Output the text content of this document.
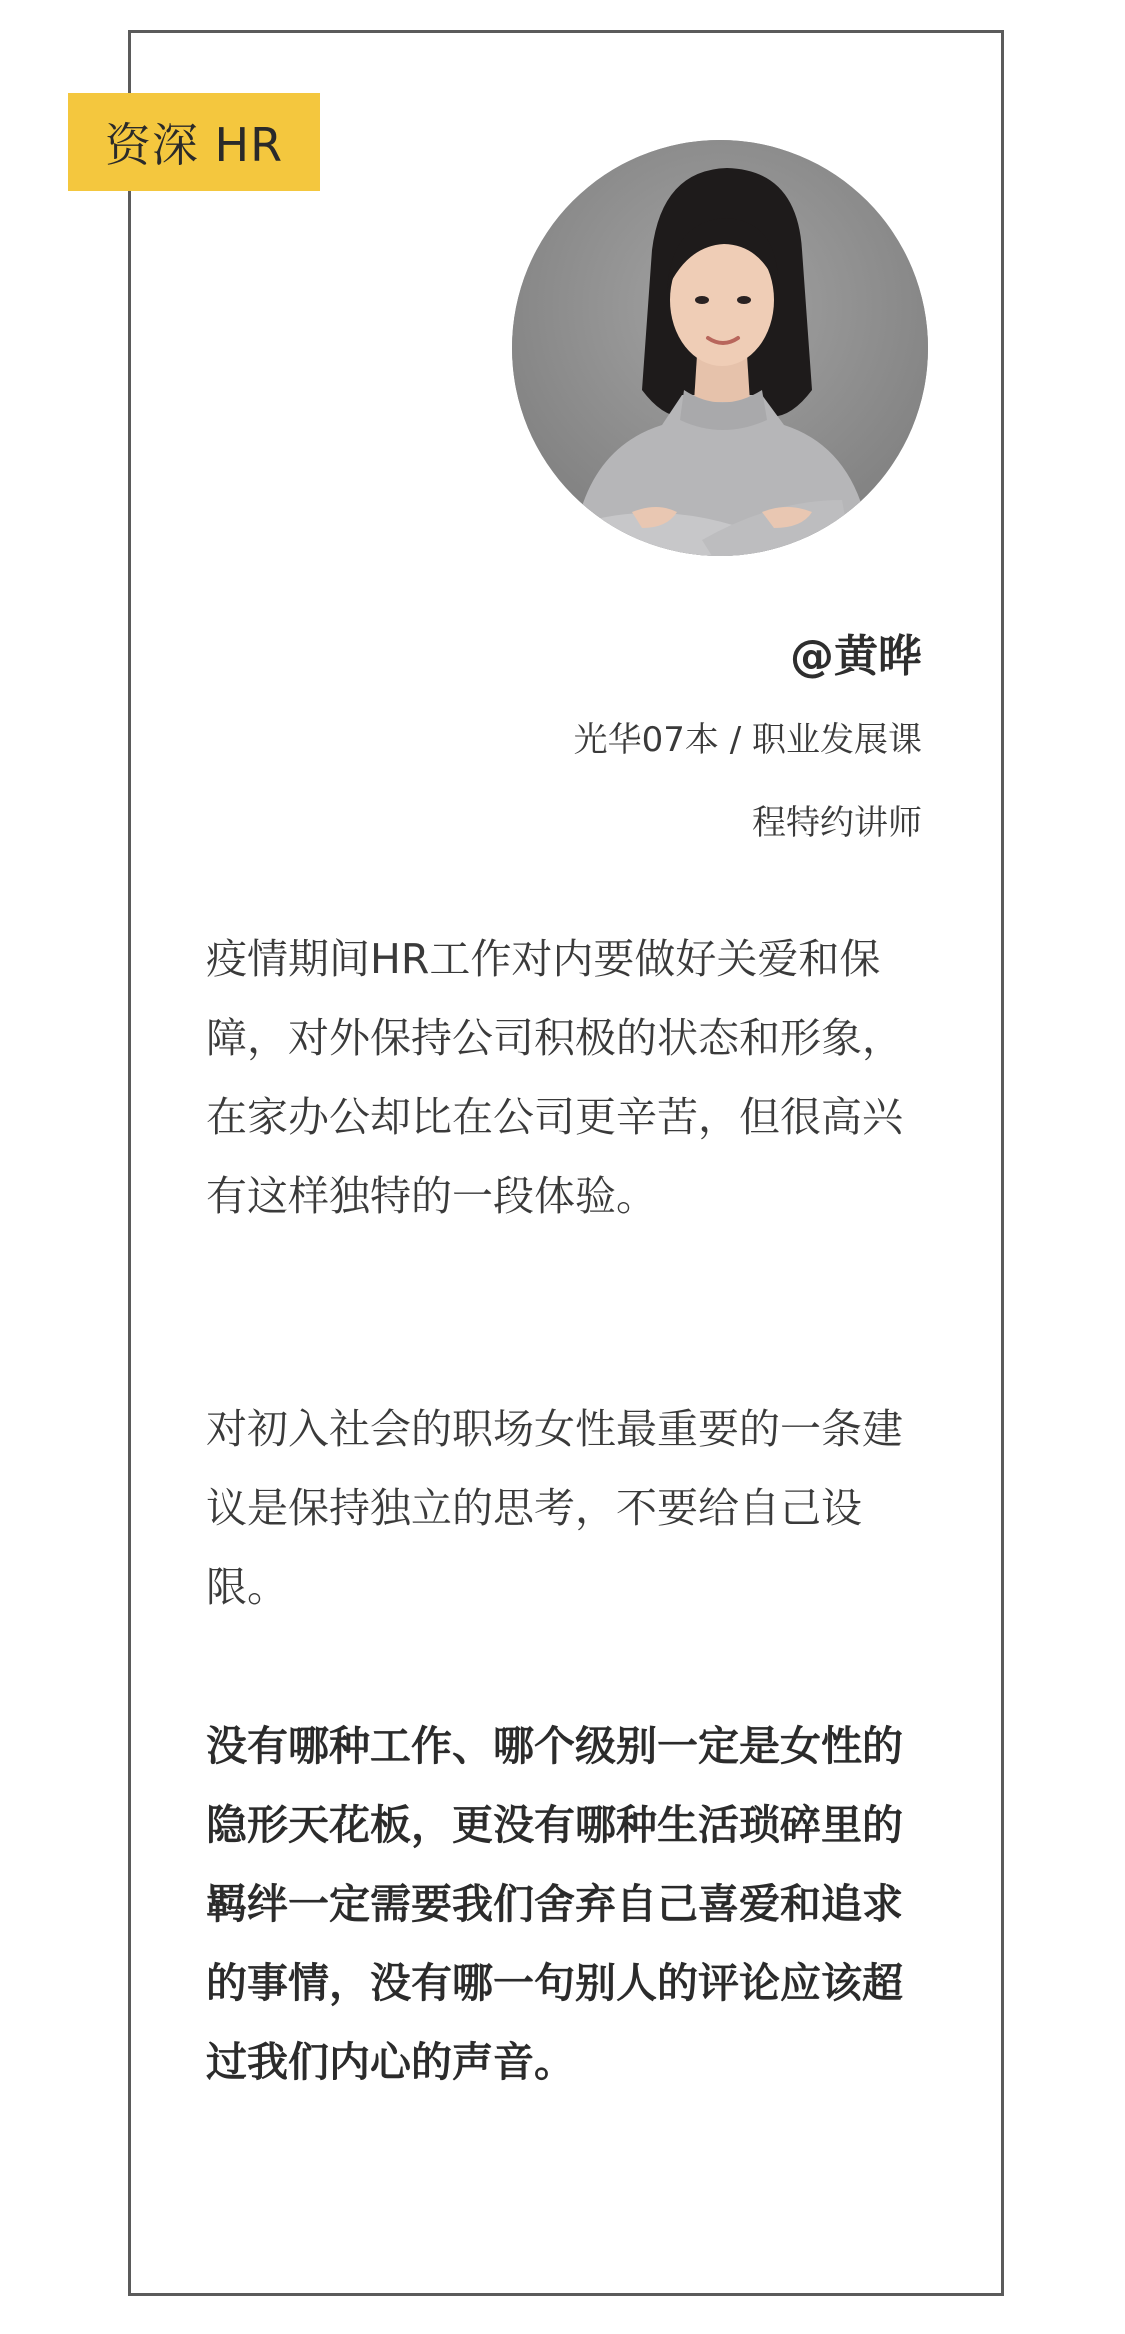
资深 HR
@黄晔
光华07本 / 职业发展课
程特约讲师

疫情期间HR工作对内要做好关爱和保障，对外保持公司积极的状态和形象，在家办公却比在公司更辛苦，但很高兴有这样独特的一段体验。

对初入社会的职场女性最重要的一条建议是保持独立的思考，不要给自己设限。

没有哪种工作、哪个级别一定是女性的隐形天花板，更没有哪种生活琐碎里的羁绊一定需要我们舍弃自己喜爱和追求的事情，没有哪一句别人的评论应该超过我们内心的声音。
